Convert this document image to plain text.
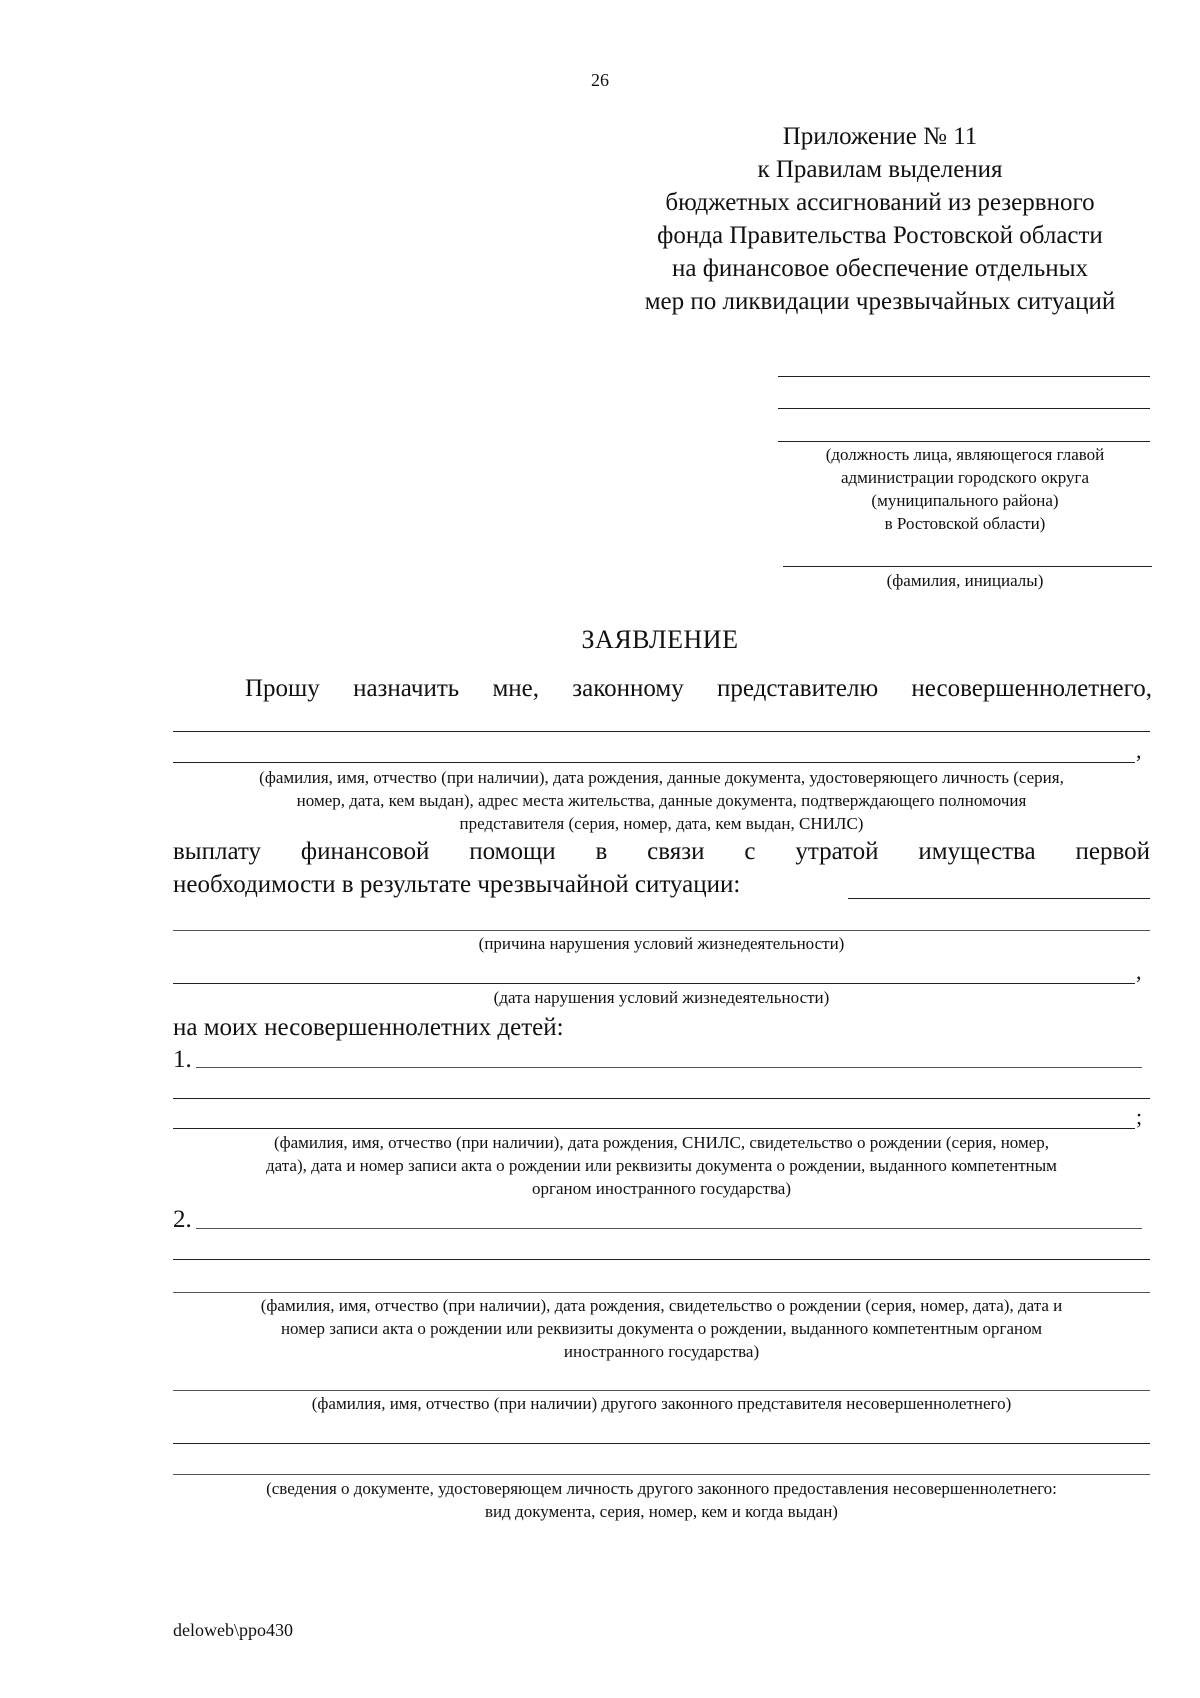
26
Приложение № 11
к Правилам выделения
бюджетных ассигнований из резервного
фонда Правительства Ростовской области
на финансовое обеспечение отдельных
мер по ликвидации чрезвычайных ситуаций
(должность лица, являющегося главой
администрации городского округа
(муниципального района)
в Ростовской области)
(фамилия, инициалы)
ЗАЯВЛЕНИЕ
Прошу назначить мне, законному представителю несовершеннолетнего,
,
(фамилия, имя, отчество (при наличии), дата рождения, данные документа, удостоверяющего личность (серия,
номер, дата, кем выдан), адрес места жительства, данные документа, подтверждающего полномочия
представителя (серия, номер, дата, кем выдан, СНИЛС)
выплату финансовой помощи в связи с утратой имущества первой
необходимости в результате чрезвычайной ситуации:
(причина нарушения условий жизнедеятельности)
,
(дата нарушения условий жизнедеятельности)
на моих несовершеннолетних детей:
1.
;
(фамилия, имя, отчество (при наличии), дата рождения, СНИЛС, свидетельство о рождении (серия, номер,
дата), дата и номер записи акта о рождении или реквизиты документа о рождении, выданного компетентным
органом иностранного государства)
2.
(фамилия, имя, отчество (при наличии), дата рождения, свидетельство о рождении (серия, номер, дата), дата и
номер записи акта о рождении или реквизиты документа о рождении, выданного компетентным органом
иностранного государства)
(фамилия, имя, отчество (при наличии) другого законного представителя несовершеннолетнего)
(сведения о документе, удостоверяющем личность другого законного предоставления несовершеннолетнего:
вид документа, серия, номер, кем и когда выдан)
deloweb\ppo430
